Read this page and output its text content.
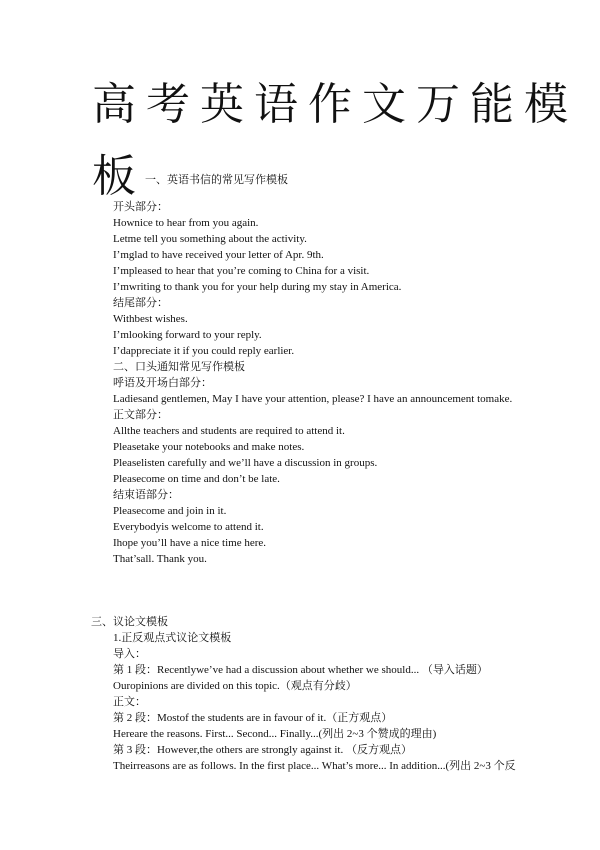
高考英语作文万能模
板 一、英语书信的常见写作模板
开头部分：
Hownice to hear from you again.
Letme tell you something about the activity.
I’mglad to have received your letter of Apr. 9th.
I’mpleased to hear that you’re coming to China for a visit.
I’mwriting to thank you for your help during my stay in America.
结尾部分：
Withbest wishes.
I’mlooking forward to your reply.
I’dappreciate it if you could reply earlier.
二、口头通知常见写作模板
呼语及开场白部分：
Ladiesand gentlemen, May I have your attention, please? I have an announcement tomake.
正文部分：
Allthe teachers and students are required to attend it.
Pleasetake your notebooks and make notes.
Pleaselisten carefully and we’ll have a discussion in groups.
Pleasecome on time and don’t be late.
结束语部分：
Pleasecome and join in it.
Everybodyis welcome to attend it.
Ihope you’ll have a nice time here.
That’sall. Thank you.
三、议论文模板
1.正反观点式议论文模板
导入：
第 1 段：Recentlywe’ve had a discussion about whether we should... （导入话题）
Ouropinions are divided on this topic.（观点有分歧）
正文：
第 2 段：Mostof the students are in favour of it.（正方观点）
Hereare the reasons. First... Second... Finally...(列出 2~3 个赞成的理由)
第 3 段：However,the others are strongly against it. （反方观点）
Theirreasons are as follows. In the first place... What’s more... In addition...(列出 2~3 个反
